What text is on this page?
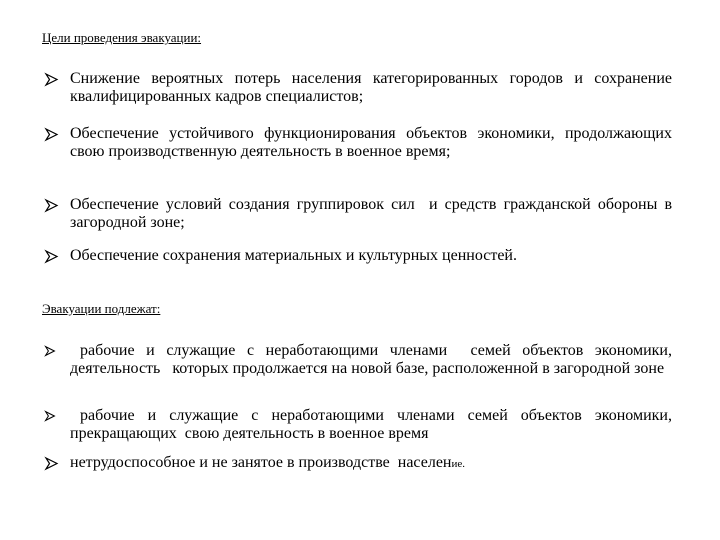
Цели проведения эвакуации:
Снижение вероятных потерь населения категорированных городов и сохранение квалифицированных кадров специалистов;
Обеспечение устойчивого функционирования объектов экономики, продолжающих свою производственную деятельность в военное время;
Обеспечение условий создания группировок сил  и средств гражданской обороны в загородной зоне;
Обеспечение сохранения материальных и культурных ценностей.
Эвакуации подлежат:
рабочие и служащие с неработающими членами  семей объектов экономики, деятельность   которых продолжается на новой базе, расположенной в загородной зоне
рабочие и служащие с неработающими членами семей объектов экономики, прекращающих  свою деятельность в военное время
нетрудоспособное и не занятое в производстве  население.
